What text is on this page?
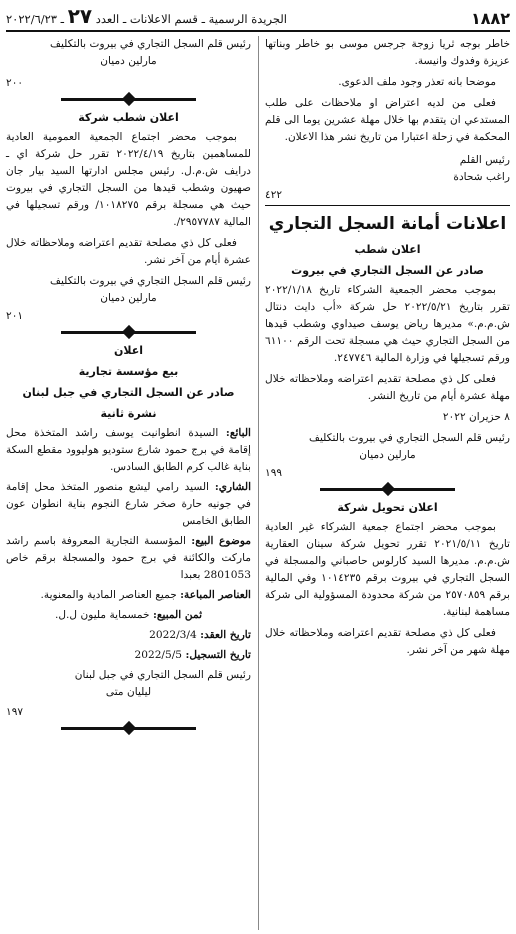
١٨٨٢
الجريدة الرسمية ـ قسم الاعلانات ـ العدد ٢٧ ـ ٢٠٢٢/٦/٢٣

خاطر بوجه ثريا زوجة جرجس موسى بو خاطر وبناتها عزيزة وفدوك وانيسة.

موضحا بانه تعذر وجود ملف الدعوى.

فعلى من لديه اعتراض او ملاحظات على طلب المستدعي ان يتقدم بها خلال مهلة عشرين يوما الى قلم المحكمة في زحلة اعتبارا من تاريخ نشر هذا الاعلان.

رئيس القلم

راغب شحادة

٤٢٢
اعلانات أمانة السجل التجاري
اعلان شطب
صادر عن السجل التجاري في بيروت

بموجب محضر الجمعية الشركاء تاريخ ٢٠٢٢/١/١٨ تقرر بتاريخ ٢٠٢٢/٥/٢١ حل شركة «أب دايت دنتال ش.م.م.» مديرها رياض يوسف صيداوي وشطب قيدها من السجل التجاري حيث هي مسجلة تحت الرقم ٦١١٠٠ ورقم تسجيلها في وزارة المالية ٢٤٧٧٤٦.

فعلى كل ذي مصلحة تقديم اعتراضه وملاحظاته خلال مهلة عشرة أيام من تاريخ النشر.

٨ حزيران ٢٠٢٢

رئيس قلم السجل التجاري في بيروت بالتكليف

مارلين دميان

١٩٩
اعلان تحويل شركة

بموجب محضر اجتماع جمعية الشركاء غير العادية تاريخ ٢٠٢١/٥/١١ تقرر تحويل شركة سينان العقارية ش.م.م. مديرها السيد كارلوس حاصباني والمسجلة في السجل التجاري في بيروت برقم ١٠١٤٢٣٥ وفي المالية برقم ٢٥٧٠٨٥٩ من شركة محدودة المسؤولية الى شركة مساهمة لبنانية.

فعلى كل ذي مصلحة تقديم اعتراضه وملاحظاته خلال مهلة شهر من آخر نشر.

رئيس قلم السجل التجاري في بيروت بالتكليف

مارلين دميان

٢٠٠
اعلان شطب شركة

بموجب محضر اجتماع الجمعية العمومية العادية للمساهمين بتاريخ ٢٠٢٢/٤/١٩ تقرر حل شركة اي ـ درايف ش.م.ل. رئيس مجلس ادارتها السيد بيار جان صهيون وشطب قيدها من السجل التجاري في بيروت حيث هي مسجلة برقم ١٠١٨٢٧٥/ ورقم تسجيلها في المالية ٢٩٥٧٧٨٧/.

فعلى كل ذي مصلحة تقديم اعتراضه وملاحظاته خلال عشرة أيام من آخر نشر.

رئيس قلم السجل التجاري في بيروت بالتكليف

مارلين دميان

٢٠١
اعلان
بيع مؤسسة تجارية
صادر عن السجل التجاري في جبل لبنان
نشرة ثانية

البائع: السيدة انطوانيت يوسف راشد المتخذة محل إقامة في برج حمود شارع ستوديو هوليوود مقطع السكة بناية غالب كرم الطابق السادس.

الشاري: السيد رامي ليشع منصور المتخذ محل إقامة في جونيه حارة صخر شارع النجوم بناية انطوان عون الطابق الخامس

موضوع البيع: المؤسسة التجارية المعروفة باسم راشد ماركت والكائنة في برج حمود والمسجلة برقم خاص 2801053 بعبدا

العناصر المباعة: جميع العناصر المادية والمعنوية.

ثمن المبيع: خمسماية مليون ل.ل.

تاريخ العقد: 2022/3/4

تاريخ التسجيل: 2022/5/5

رئيس قلم السجل التجاري في جبل لبنان

ليليان متى

١٩٧
